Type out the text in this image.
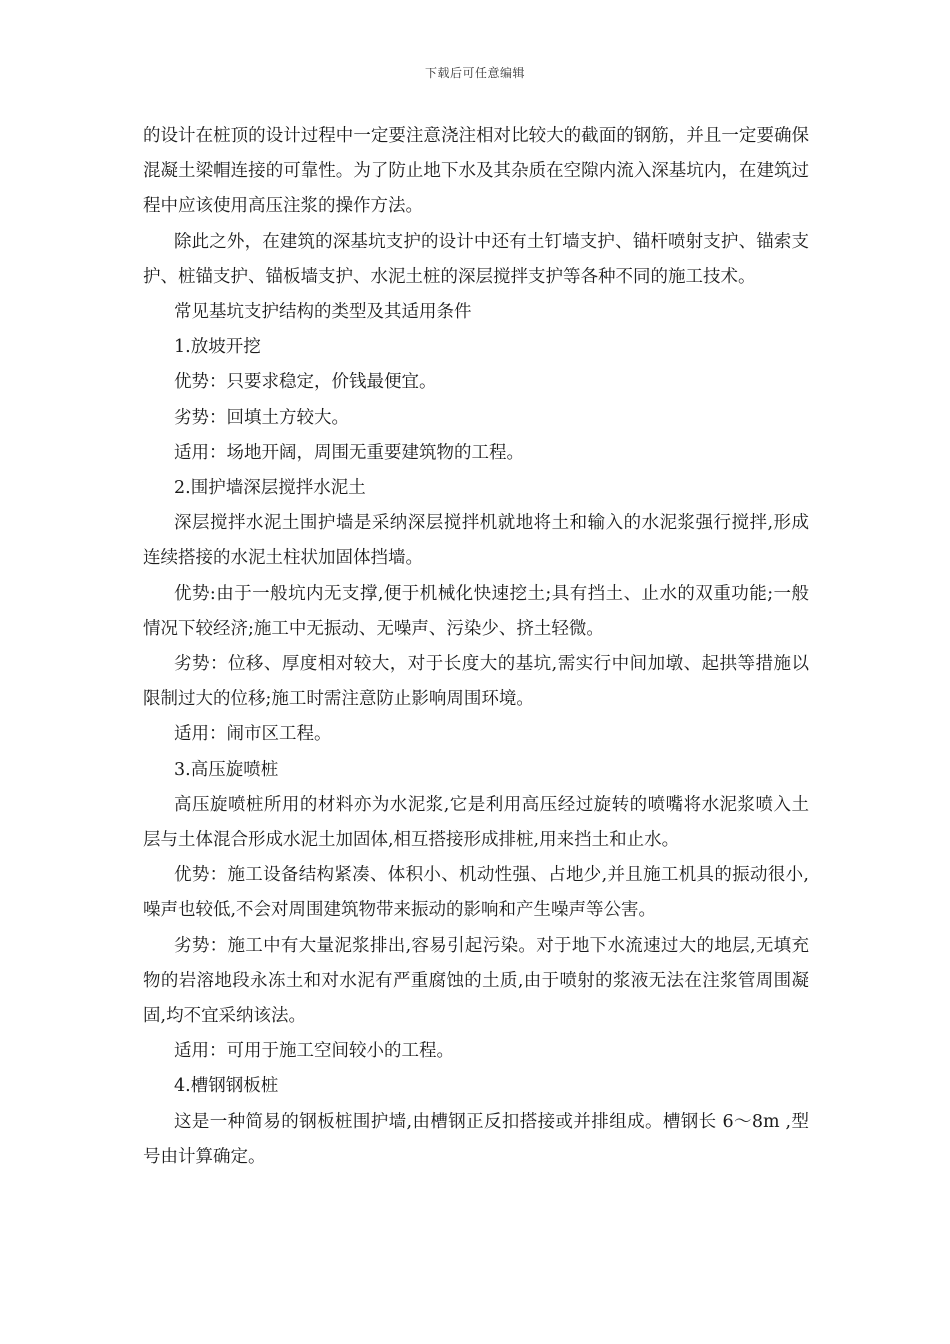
下载后可任意编辑

的设计在桩顶的设计过程中一定要注意浇注相对比较大的截面的钢筋，并且一定要确保混凝土梁帽连接的可靠性。为了防止地下水及其杂质在空隙内流入深基坑内，在建筑过程中应该使用高压注浆的操作方法。

除此之外，在建筑的深基坑支护的设计中还有土钉墙支护、锚杆喷射支护、锚索支护、桩锚支护、锚板墙支护、水泥土桩的深层搅拌支护等各种不同的施工技术。

常见基坑支护结构的类型及其适用条件

1.放坡开挖

优势：只要求稳定，价钱最便宜。

劣势：回填土方较大。

适用：场地开阔，周围无重要建筑物的工程。

2.围护墙深层搅拌水泥土

深层搅拌水泥土围护墙是采纳深层搅拌机就地将土和输入的水泥浆强行搅拌,形成连续搭接的水泥土柱状加固体挡墙。

优势:由于一般坑内无支撑,便于机械化快速挖土;具有挡土、止水的双重功能;一般情况下较经济;施工中无振动、无噪声、污染少、挤土轻微。

劣势：位移、厚度相对较大，对于长度大的基坑,需实行中间加墩、起拱等措施以限制过大的位移;施工时需注意防止影响周围环境。

适用：闹市区工程。

3.高压旋喷桩

高压旋喷桩所用的材料亦为水泥浆,它是利用高压经过旋转的喷嘴将水泥浆喷入土层与土体混合形成水泥土加固体,相互搭接形成排桩,用来挡土和止水。

优势：施工设备结构紧凑、体积小、机动性强、占地少,并且施工机具的振动很小,噪声也较低,不会对周围建筑物带来振动的影响和产生噪声等公害。

劣势：施工中有大量泥浆排出,容易引起污染。对于地下水流速过大的地层,无填充物的岩溶地段永冻土和对水泥有严重腐蚀的土质,由于喷射的浆液无法在注浆管周围凝固,均不宜采纳该法。

适用：可用于施工空间较小的工程。

4.槽钢钢板桩

这是一种简易的钢板桩围护墙,由槽钢正反扣搭接或并排组成。槽钢长 6～8m ,型号由计算确定。
